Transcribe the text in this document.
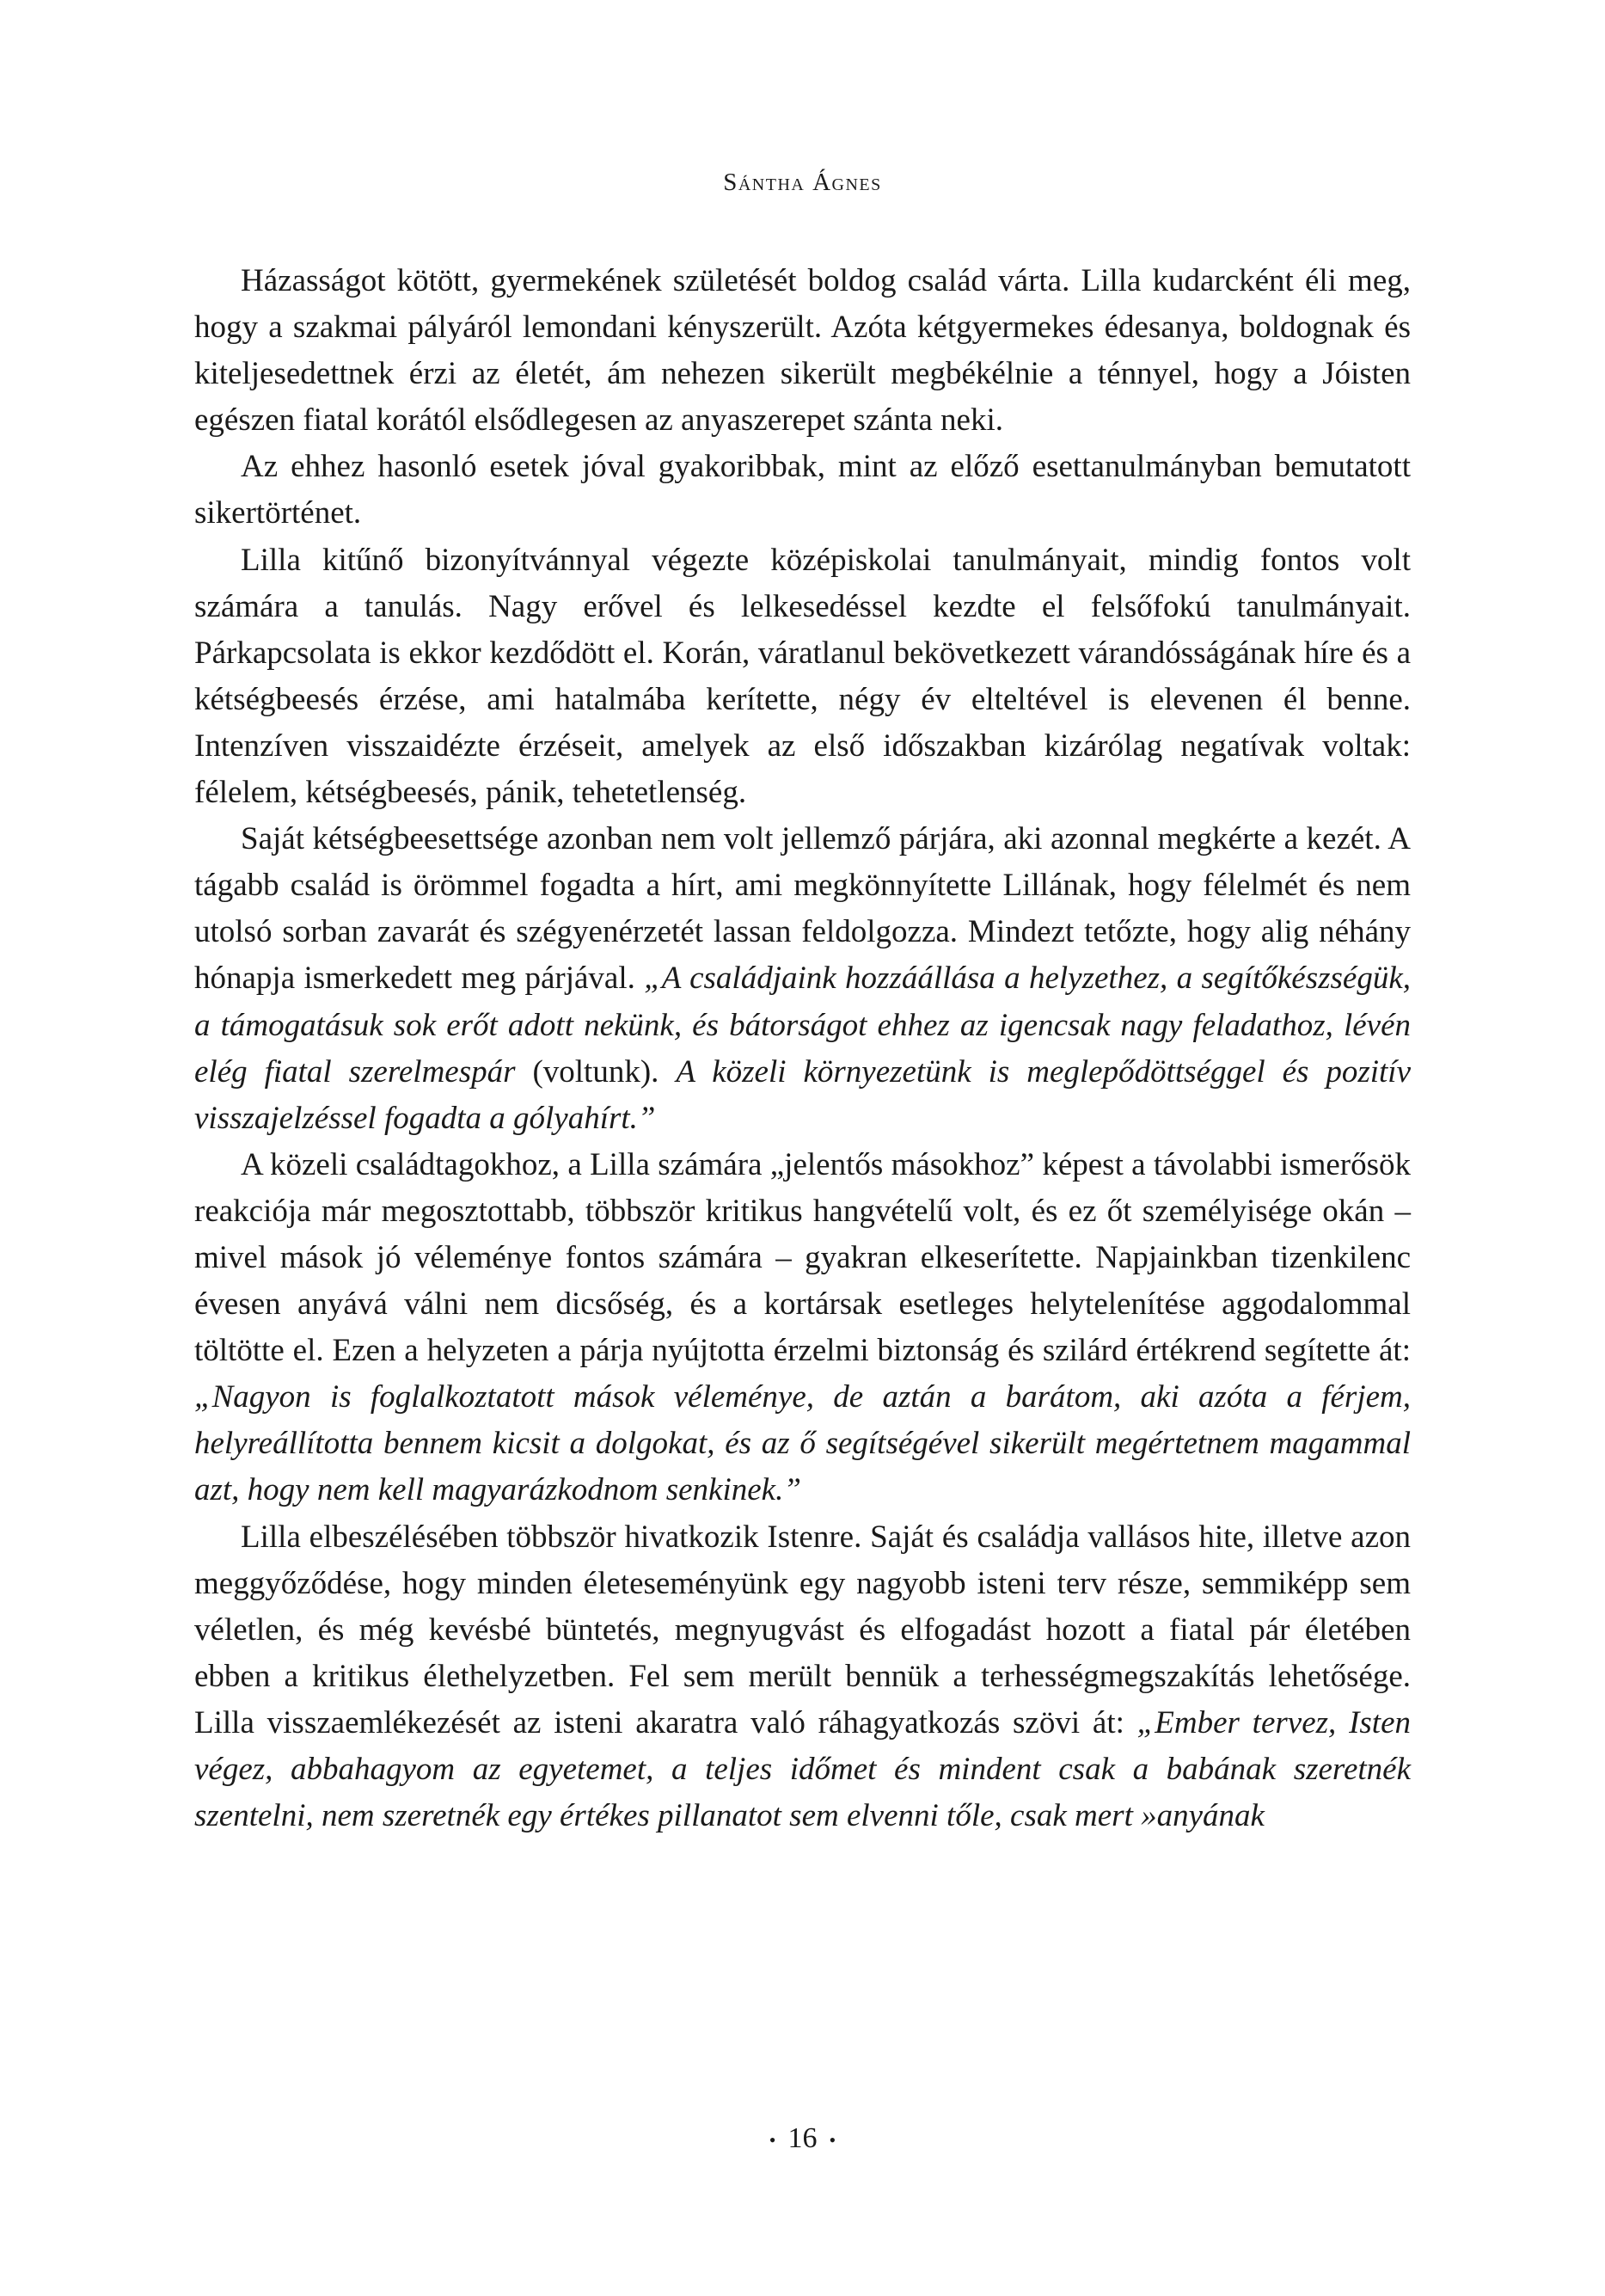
Sántha Ágnes

Házasságot kötött, gyermekének születését boldog család várta. Lilla kudarcként éli meg, hogy a szakmai pályáról lemondani kényszerült. Azóta kétgyermekes édesanya, boldognak és kiteljesedettnek érzi az életét, ám nehezen sikerült megbékélnie a ténnyel, hogy a Jóisten egészen fiatal korától elsődlegesen az anyaszerepet szánta neki.

Az ehhez hasonló esetek jóval gyakoribbak, mint az előző esettanulmányban bemutatott sikertörténet.

Lilla kitűnő bizonyítvánnyal végezte középiskolai tanulmányait, mindig fontos volt számára a tanulás. Nagy erővel és lelkesedéssel kezdte el felsőfokú tanulmányait. Párkapcsolata is ekkor kezdődött el. Korán, váratlanul bekövetkezett várandósságának híre és a kétségbeesés érzése, ami hatalmába kerítette, négy év elteltével is elevenen él benne. Intenzíven visszaidézte érzéseit, amelyek az első időszakban kizárólag negatívak voltak: félelem, kétségbeesés, pánik, tehetetlenség.

Saját kétségbeesettsége azonban nem volt jellemző párjára, aki azonnal megkérte a kezét. A tágabb család is örömmel fogadta a hírt, ami megkönnyítette Lillának, hogy félelmét és nem utolsó sorban zavarát és szégyenérzetét lassan feldolgozza. Mindezt tetőzte, hogy alig néhány hónapja ismerkedett meg párjával. „A családjaink hozzáállása a helyzethez, a segítőkészségük, a támogatásuk sok erőt adott nekünk, és bátorságot ehhez az igencsak nagy feladathoz, lévén elég fiatal szerelmespár (voltunk). A közeli környezetünk is meglepődöttséggel és pozitív visszajelzéssel fogadta a gólyahírt.”

A közeli családtagokhoz, a Lilla számára „jelentős másokhoz” képest a távolabbi ismerősök reakciója már megosztottabb, többször kritikus hangvételű volt, és ez őt személyisége okán – mivel mások jó véleménye fontos számára – gyakran elkeserítette. Napjainkban tizenkilenc évesen anyává válni nem dicsőség, és a kortársak esetleges helytelenítése aggodalommal töltötte el. Ezen a helyzeten a párja nyújtotta érzelmi biztonság és szilárd értékrend segítette át: „Nagyon is foglalkoztatott mások véleménye, de aztán a barátom, aki azóta a férjem, helyreállította bennem kicsit a dolgokat, és az ő segítségével sikerült megértetnem magammal azt, hogy nem kell magyarázkodnom senkinek.”

Lilla elbeszélésében többször hivatkozik Istenre. Saját és családja vallásos hite, illetve azon meggyőződése, hogy minden életeseményünk egy nagyobb isteni terv része, semmiképp sem véletlen, és még kevésbé büntetés, megnyugvást és elfogadást hozott a fiatal pár életében ebben a kritikus élethelyzetben. Fel sem merült bennük a terhességmegszakítás lehetősége. Lilla visszaemlékezését az isteni akaratra való ráhagyatkozás szövi át: „Ember tervez, Isten végez, abbahagyom az egyetemet, a teljes időmet és mindent csak a babának szeretnék szentelni, nem szeretnék egy értékes pillanatot sem elvenni tőle, csak mert »anyának

• 16 •
